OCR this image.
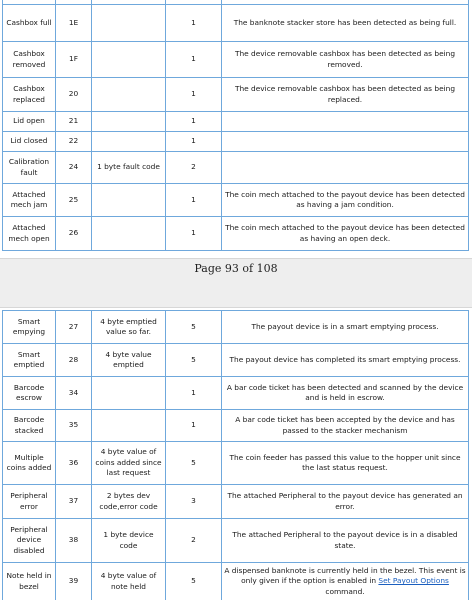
Cashbox full	1E		1	The banknote stacker store has been detected as being full.
Cashbox removed	1F		1	The device removable cashbox has been detected as being removed.
Cashbox replaced	20		1	The device removable cashbox has been detected as being replaced.
Lid open	21		1	
Lid closed	22		1	
Calibration fault	24	1 byte fault code	2	
Attached mech jam	25		1	The coin mech attached to the payout device has been detected as having a jam condition.
Attached mech open	26		1	The coin mech attached to the payout device has been detected as having an open deck.
Page 93 of 108
Smart empying	27	4 byte emptied value so far.	5	The payout device is in a smart emptying process.
Smart emptied	28	4 byte value emptied	5	The payout device has completed its smart emptying process.
Barcode escrow	34		1	A bar code ticket has been detected and scanned by the device and is held in escrow.
Barcode stacked	35		1	A bar code ticket has been accepted by the device and has passed to the stacker mechanism
Multiple coins added	36	4 byte value of coins added since last request	5	The coin feeder has passed this value to the hopper unit since the last status request.
Peripheral error	37	2 bytes dev code,error code	3	The attached Peripheral to the payout device has generated an error.
Peripheral device disabled	38	1 byte device code	2	The attached Peripheral to the payout device is in a disabled state.
Note held in bezel	39	4 byte value of note held	5	A dispensed banknote is currently held in the bezel. This event is only given if the option is enabled in Set Payout Options command.
